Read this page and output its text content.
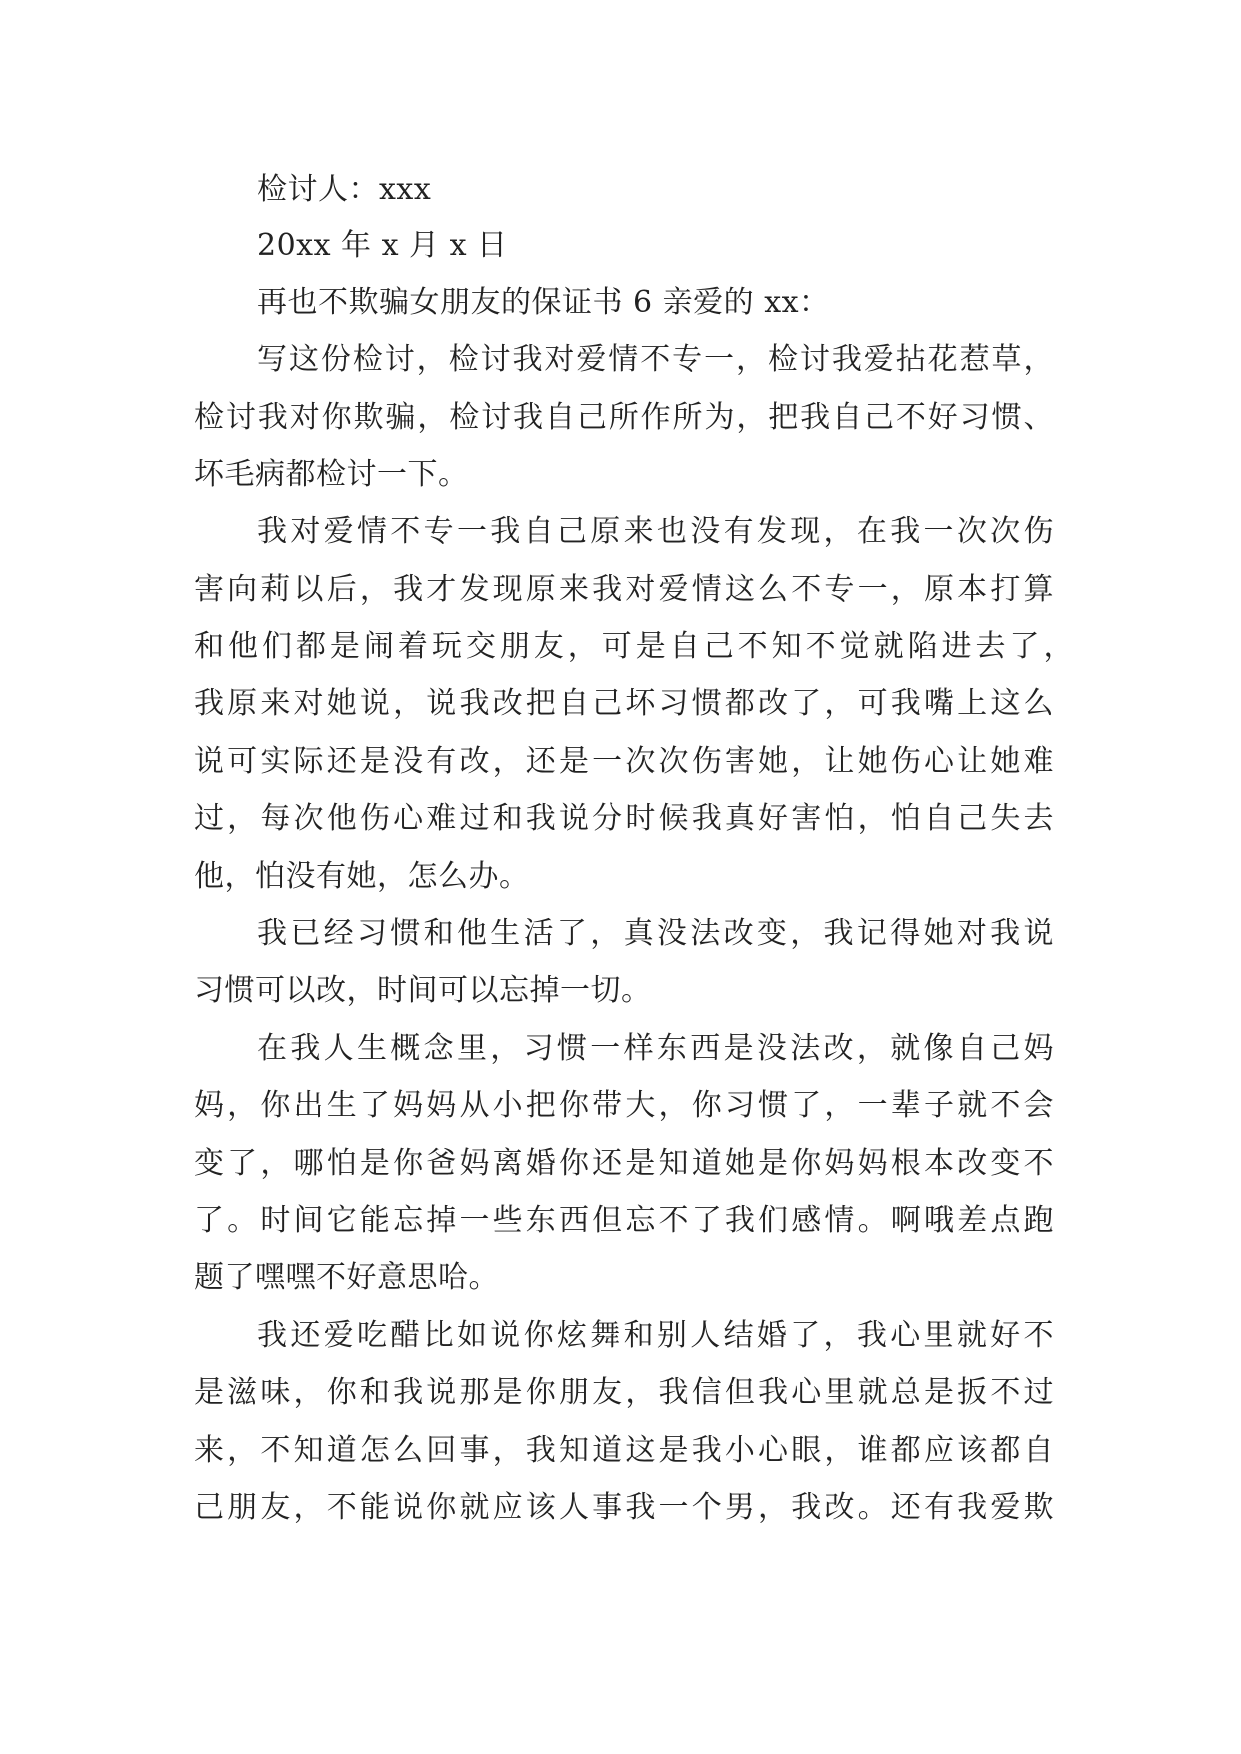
检讨人：xxx
20xx 年 x 月 x 日
再也不欺骗女朋友的保证书 6 亲爱的 xx：
写这份检讨，检讨我对爱情不专一，检讨我爱拈花惹草，
检讨我对你欺骗，检讨我自己所作所为，把我自己不好习惯、
坏毛病都检讨一下。
我对爱情不专一我自己原来也没有发现，在我一次次伤
害向莉以后，我才发现原来我对爱情这么不专一，原本打算
和他们都是闹着玩交朋友，可是自己不知不觉就陷进去了，
我原来对她说，说我改把自己坏习惯都改了，可我嘴上这么
说可实际还是没有改，还是一次次伤害她，让她伤心让她难
过，每次他伤心难过和我说分时候我真好害怕，怕自己失去
他，怕没有她，怎么办。
我已经习惯和他生活了，真没法改变，我记得她对我说
习惯可以改，时间可以忘掉一切。
在我人生概念里，习惯一样东西是没法改，就像自己妈
妈，你出生了妈妈从小把你带大，你习惯了，一辈子就不会
变了，哪怕是你爸妈离婚你还是知道她是你妈妈根本改变不
了。时间它能忘掉一些东西但忘不了我们感情。啊哦差点跑
题了嘿嘿不好意思哈。
我还爱吃醋比如说你炫舞和别人结婚了，我心里就好不
是滋味，你和我说那是你朋友，我信但我心里就总是扳不过
来，不知道怎么回事，我知道这是我小心眼，谁都应该都自
己朋友，不能说你就应该人事我一个男，我改。还有我爱欺
